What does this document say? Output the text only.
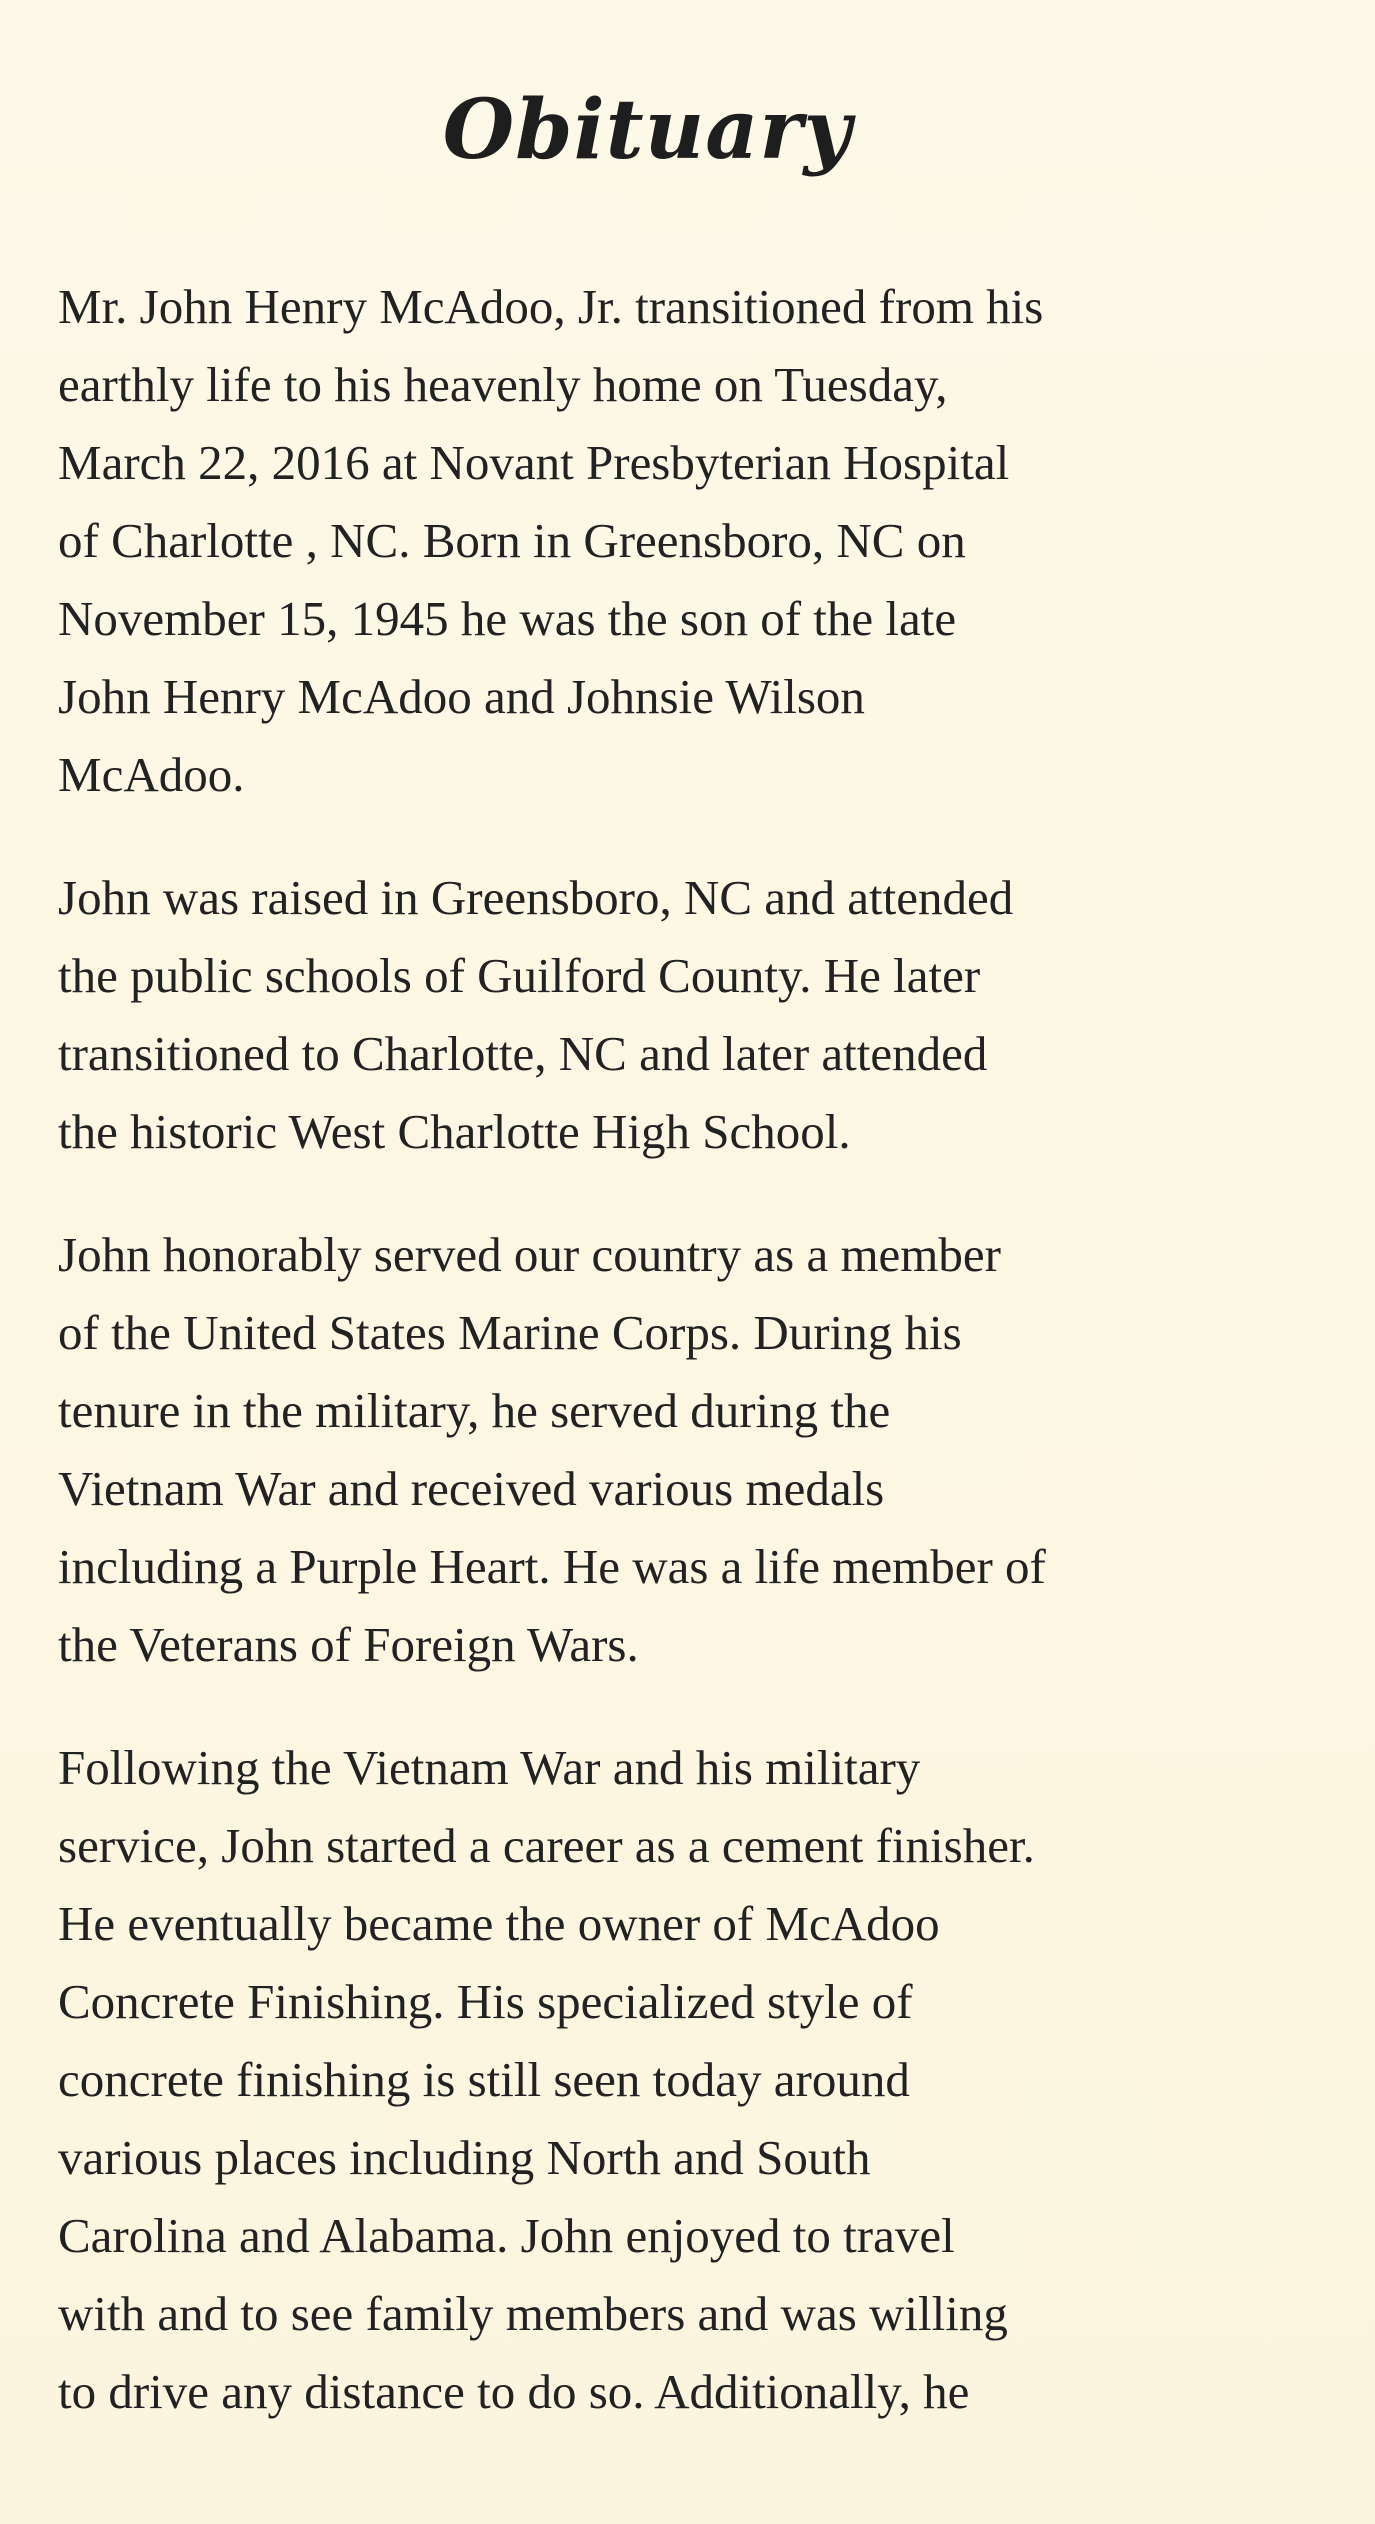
Obituary

Mr. John Henry McAdoo, Jr. transitioned from his
earthly life to his heavenly home on Tuesday,
March 22, 2016 at Novant Presbyterian Hospital
of Charlotte , NC. Born in Greensboro, NC on
November 15, 1945 he was the son of the late
John Henry McAdoo and Johnsie Wilson
McAdoo.

John was raised in Greensboro, NC and attended
the public schools of Guilford County. He later
transitioned to Charlotte, NC and later attended
the historic West Charlotte High School.

John honorably served our country as a member
of the United States Marine Corps. During his
tenure in the military, he served during the
Vietnam War and received various medals
including a Purple Heart. He was a life member of
the Veterans of Foreign Wars.

Following the Vietnam War and his military
service, John started a career as a cement finisher.
He eventually became the owner of McAdoo
Concrete Finishing. His specialized style of
concrete finishing is still seen today around
various places including North and South
Carolina and Alabama. John enjoyed to travel
with and to see family members and was willing
to drive any distance to do so. Additionally, he
